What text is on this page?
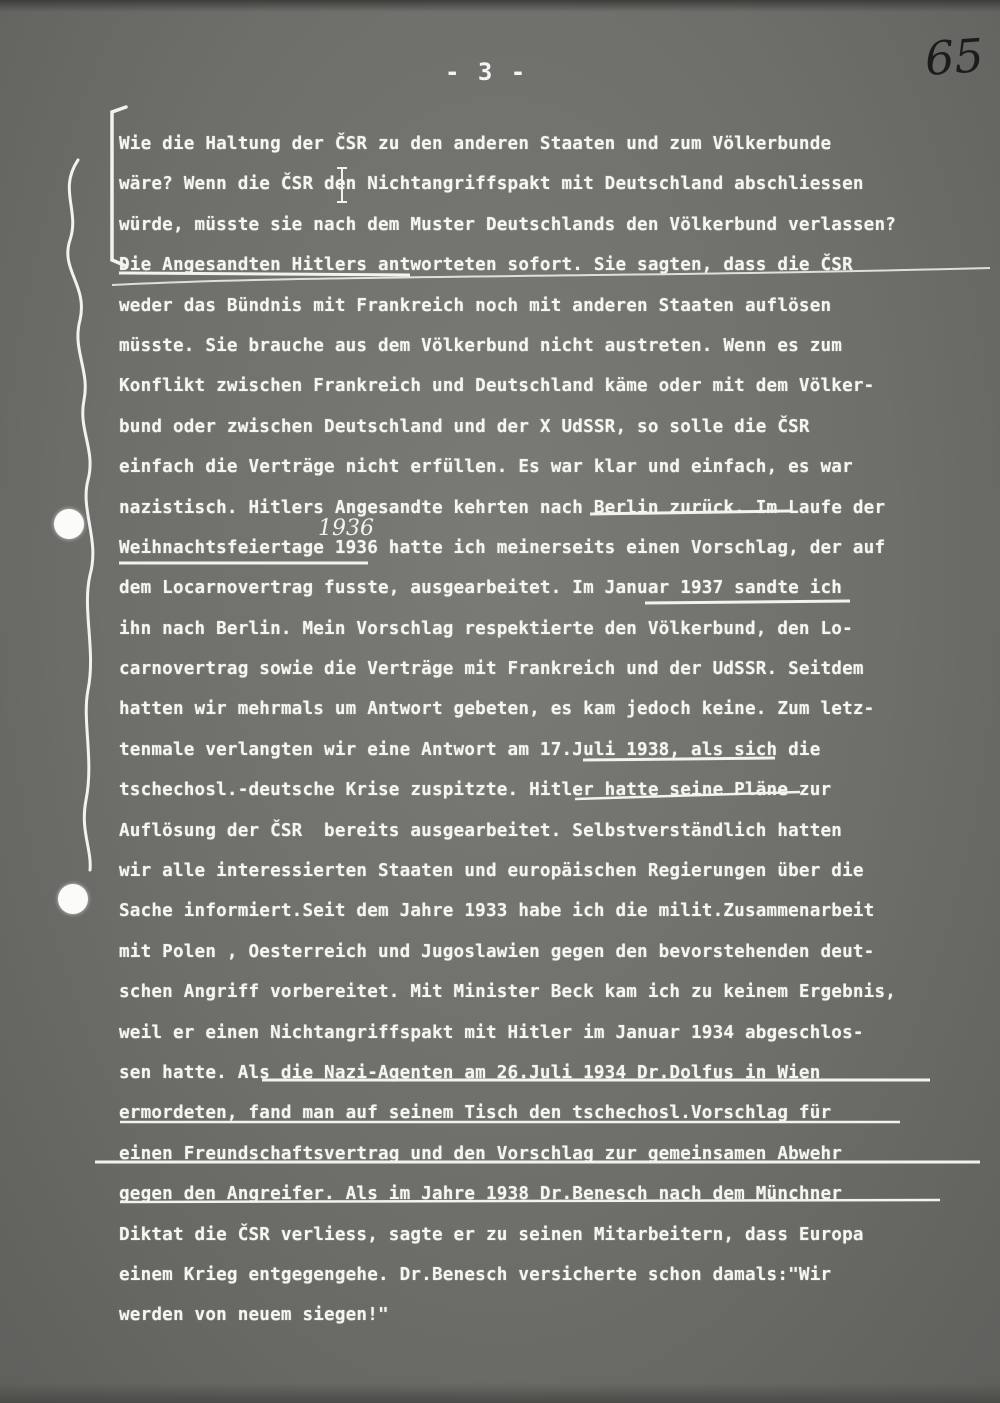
- 3 -	65
Wie die Haltung der ČSR zu den anderen Staaten und zum Völkerbunde
wäre? Wenn die ČSR den Nichtangriffspakt mit Deutschland abschliessen
würde, müsste sie nach dem Muster Deutschlands den Völkerbund verlassen?
Die Angesandten Hitlers antworteten sofort. Sie sagten, dass die ČSR
weder das Bündnis mit Frankreich noch mit anderen Staaten auflösen
müsste. Sie brauche aus dem Völkerbund nicht austreten. Wenn es zum
Konflikt zwischen Frankreich und Deutschland käme oder mit dem Völker-
bund oder zwischen Deutschland und der X UdSSR, so solle die ČSR
einfach die Verträge nicht erfüllen. Es war klar und einfach, es war
nazistisch. Hitlers Angesandte kehrten nach Berlin zurück. Im Laufe der
Weihnachtsfeiertage 1936 hatte ich meinerseits einen Vorschlag, der auf
dem Locarnovertrag fusste, ausgearbeitet. Im Januar 1937 sandte ich
ihn nach Berlin. Mein Vorschlag respektierte den Völkerbund, den Lo-
carnovertrag sowie die Verträge mit Frankreich und der UdSSR. Seitdem
hatten wir mehrmals um Antwort gebeten, es kam jedoch keine. Zum letz-
tenmale verlangten wir eine Antwort am 17.Juli 1938, als sich die
tschechosl.-deutsche Krise zuspitzte. Hitler hatte seine Pläne zur
Auflösung der ČSR  bereits ausgearbeitet. Selbstverständlich hatten
wir alle interessierten Staaten und europäischen Regierungen über die
Sache informiert.Seit dem Jahre 1933 habe ich die milit.Zusammenarbeit
mit Polen , Oesterreich und Jugoslawien gegen den bevorstehenden deut-
schen Angriff vorbereitet. Mit Minister Beck kam ich zu keinem Ergebnis,
weil er einen Nichtangriffspakt mit Hitler im Januar 1934 abgeschlos-
sen hatte. Als die Nazi-Agenten am 26.Juli 1934 Dr.Dolfus in Wien
ermordeten, fand man auf seinem Tisch den tschechosl.Vorschlag für
einen Freundschaftsvertrag und den Vorschlag zur gemeinsamen Abwehr
gegen den Angreifer. Als im Jahre 1938 Dr.Benesch nach dem Münchner
Diktat die ČSR verliess, sagte er zu seinen Mitarbeitern, dass Europa
einem Krieg entgegengehe. Dr.Benesch versicherte schon damals:"Wir
werden von neuem siegen!"
1936
